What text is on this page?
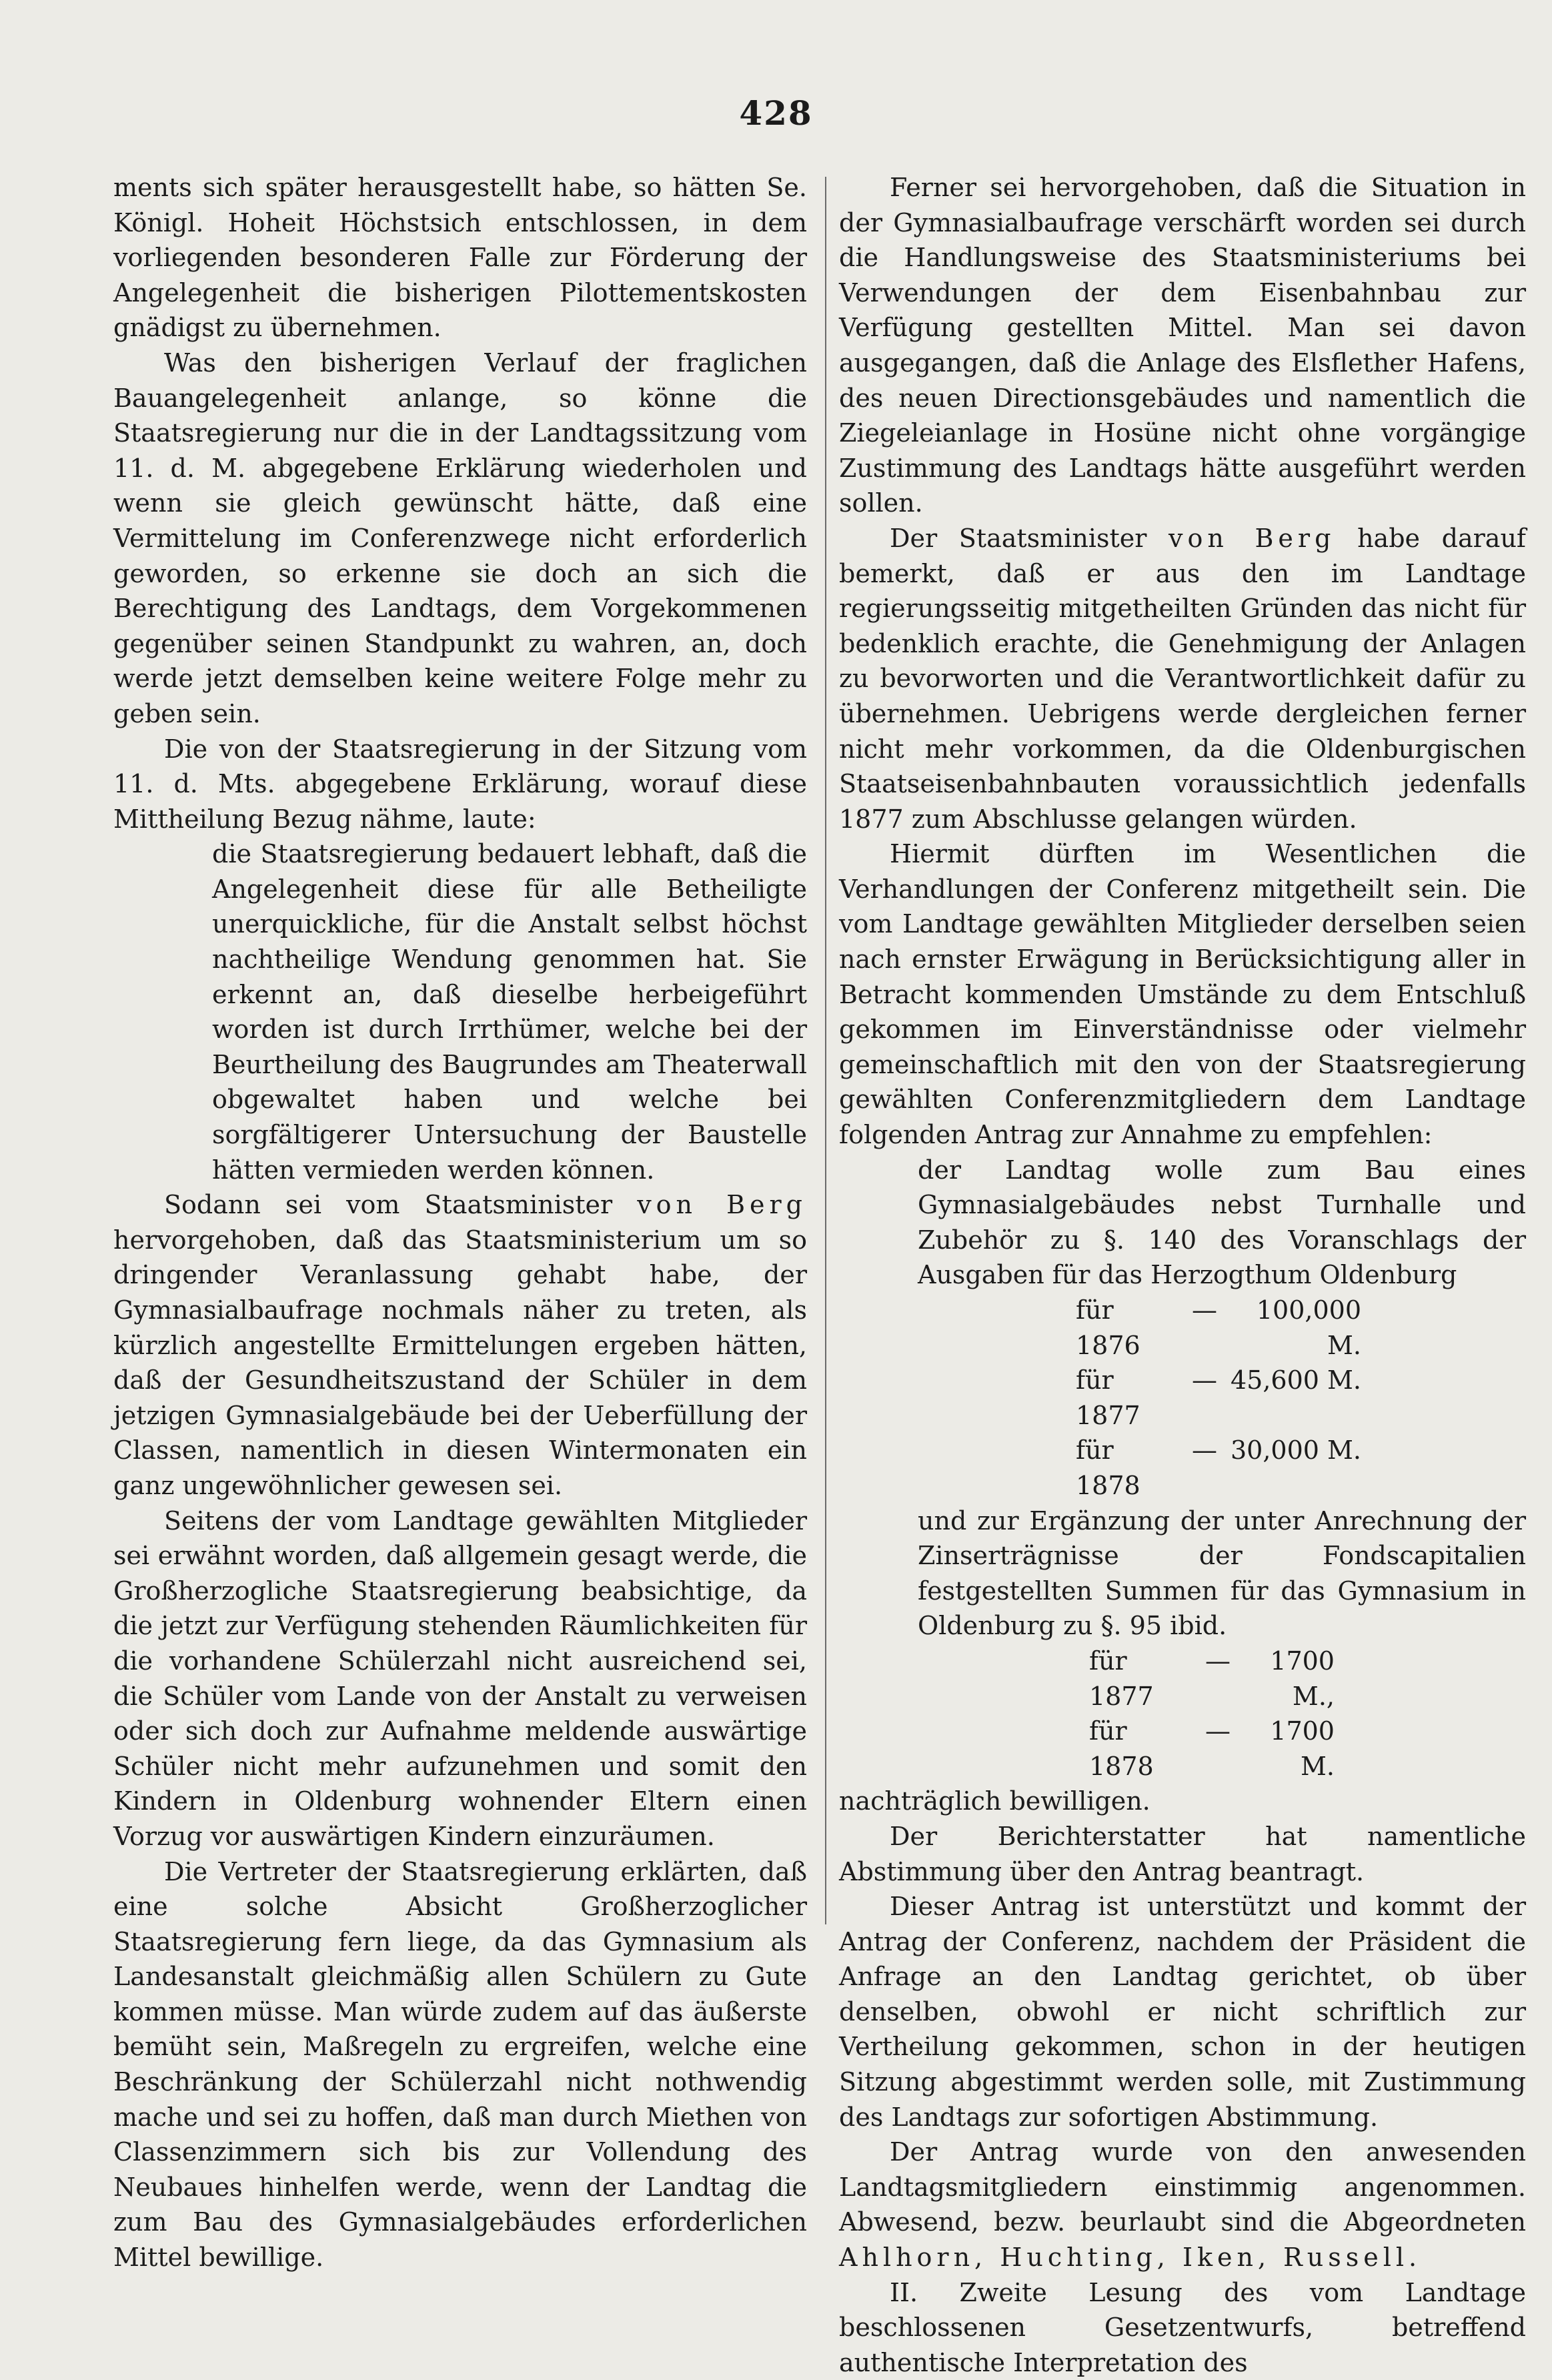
428

ments sich später herausgestellt habe, so hätten Se. Königl. Hoheit Höchstsich entschlossen, in dem vorliegenden besonderen Falle zur Förderung der Angelegenheit die bisherigen Pilottementskosten gnädigst zu übernehmen.

Was den bisherigen Verlauf der fraglichen Bauangelegenheit anlange, so könne die Staatsregierung nur die in der Landtagssitzung vom 11. d. M. abgegebene Erklärung wiederholen und wenn sie gleich gewünscht hätte, daß eine Vermittelung im Conferenzwege nicht erforderlich geworden, so erkenne sie doch an sich die Berechtigung des Landtags, dem Vorgekommenen gegenüber seinen Standpunkt zu wahren, an, doch werde jetzt demselben keine weitere Folge mehr zu geben sein.

Die von der Staatsregierung in der Sitzung vom 11. d. Mts. abgegebene Erklärung, worauf diese Mittheilung Bezug nähme, laute:

die Staatsregierung bedauert lebhaft, daß die Angelegenheit diese für alle Betheiligte unerquickliche, für die Anstalt selbst höchst nachtheilige Wendung genommen hat. Sie erkennt an, daß dieselbe herbeigeführt worden ist durch Irrthümer, welche bei der Beurtheilung des Baugrundes am Theaterwall obgewaltet haben und welche bei sorgfältigerer Untersuchung der Baustelle hätten vermieden werden können.

Sodann sei vom Staatsminister von Berg hervorgehoben, daß das Staatsministerium um so dringender Veranlassung gehabt habe, der Gymnasialbaufrage nochmals näher zu treten, als kürzlich angestellte Ermittelungen ergeben hätten, daß der Gesundheitszustand der Schüler in dem jetzigen Gymnasialgebäude bei der Ueberfüllung der Classen, namentlich in diesen Wintermonaten ein ganz ungewöhnlicher gewesen sei.

Seitens der vom Landtage gewählten Mitglieder sei erwähnt worden, daß allgemein gesagt werde, die Großherzogliche Staatsregierung beabsichtige, da die jetzt zur Verfügung stehenden Räumlichkeiten für die vorhandene Schülerzahl nicht ausreichend sei, die Schüler vom Lande von der Anstalt zu verweisen oder sich doch zur Aufnahme meldende auswärtige Schüler nicht mehr aufzunehmen und somit den Kindern in Oldenburg wohnender Eltern einen Vorzug vor auswärtigen Kindern einzuräumen.

Die Vertreter der Staatsregierung erklärten, daß eine solche Absicht Großherzoglicher Staatsregierung fern liege, da das Gymnasium als Landesanstalt gleichmäßig allen Schülern zu Gute kommen müsse. Man würde zudem auf das äußerste bemüht sein, Maßregeln zu ergreifen, welche eine Beschränkung der Schülerzahl nicht nothwendig mache und sei zu hoffen, daß man durch Miethen von Classenzimmern sich bis zur Vollendung des Neubaues hinhelfen werde, wenn der Landtag die zum Bau des Gymnasialgebäudes erforderlichen Mittel bewillige.

Ferner sei hervorgehoben, daß die Situation in der Gymnasialbaufrage verschärft worden sei durch die Handlungsweise des Staatsministeriums bei Verwendungen der dem Eisenbahnbau zur Verfügung gestellten Mittel. Man sei davon ausgegangen, daß die Anlage des Elsflether Hafens, des neuen Directionsgebäudes und namentlich die Ziegeleianlage in Hosüne nicht ohne vorgängige Zustimmung des Landtags hätte ausgeführt werden sollen.

Der Staatsminister von Berg habe darauf bemerkt, daß er aus den im Landtage regierungsseitig mitgetheilten Gründen das nicht für bedenklich erachte, die Genehmigung der Anlagen zu bevorworten und die Verantwortlichkeit dafür zu übernehmen. Uebrigens werde dergleichen ferner nicht mehr vorkommen, da die Oldenburgischen Staatseisenbahnbauten voraussichtlich jedenfalls 1877 zum Abschlusse gelangen würden.

Hiermit dürften im Wesentlichen die Verhandlungen der Conferenz mitgetheilt sein. Die vom Landtage gewählten Mitglieder derselben seien nach ernster Erwägung in Berücksichtigung aller in Betracht kommenden Umstände zu dem Entschluß gekommen im Einverständnisse oder vielmehr gemeinschaftlich mit den von der Staatsregierung gewählten Conferenzmitgliedern dem Landtage folgenden Antrag zur Annahme zu empfehlen:

der Landtag wolle zum Bau eines Gymnasialgebäudes nebst Turnhalle und Zubehör zu §. 140 des Voranschlags der Ausgaben für das Herzogthum Oldenburg

für 1876
—	100,000 M.
für 1877
— 45,600 M.
für 1878
— 30,000 M.

und zur Ergänzung der unter Anrechnung der Zinserträgnisse der Fondscapitalien festgestellten Summen für das Gymnasium in Oldenburg zu §. 95 ibid.

für 1877
—	1700 M.,
für 1878
—	1700 M.

nachträglich bewilligen.

Der Berichterstatter hat namentliche Abstimmung über den Antrag beantragt.

Dieser Antrag ist unterstützt und kommt der Antrag der Conferenz, nachdem der Präsident die Anfrage an den Landtag gerichtet, ob über denselben, obwohl er nicht schriftlich zur Vertheilung gekommen, schon in der heutigen Sitzung abgestimmt werden solle, mit Zustimmung des Landtags zur sofortigen Abstimmung.

Der Antrag wurde von den anwesenden Landtagsmitgliedern einstimmig angenommen. Abwesend, bezw. beurlaubt sind die Abgeordneten Ahlhorn, Huchting, Iken, Russell.

II. Zweite Lesung des vom Landtage beschlossenen Gesetzentwurfs, betreffend authentische Interpretation des
